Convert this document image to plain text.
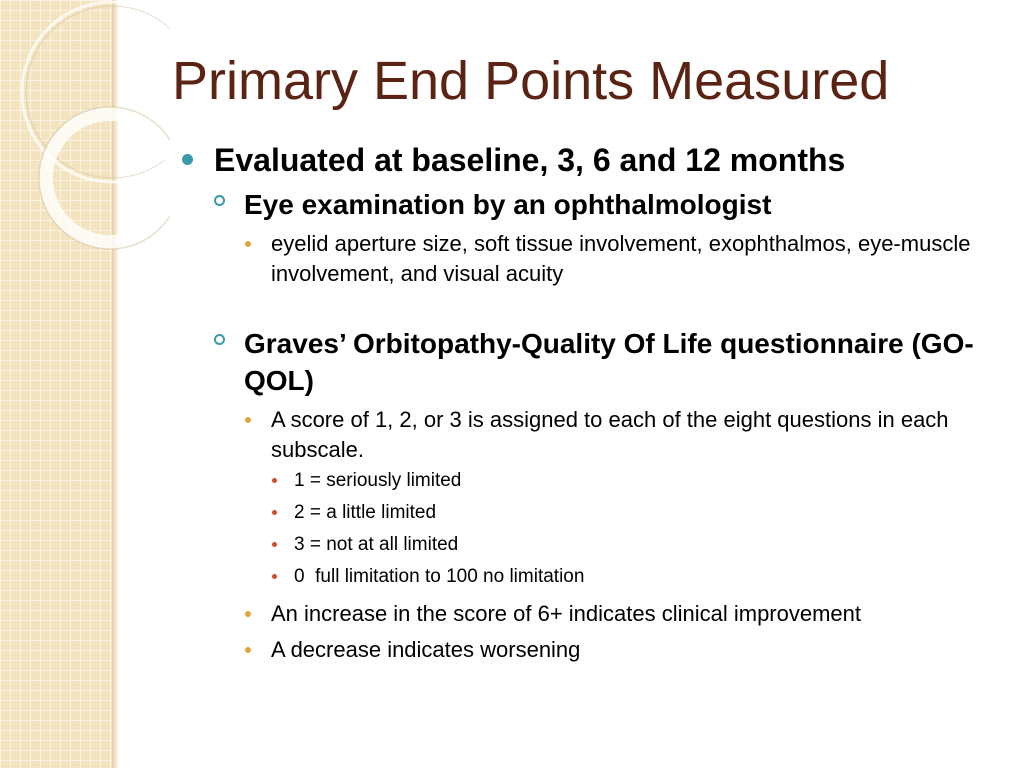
Primary End Points Measured
Evaluated at baseline, 3, 6 and 12 months
Eye examination by an ophthalmologist
eyelid aperture size, soft tissue involvement, exophthalmos, eye-muscle involvement, and visual acuity
Graves’ Orbitopathy-Quality Of Life questionnaire (GO-QOL)
A score of 1, 2, or 3 is assigned to each of the eight questions in each subscale.
1 = seriously limited
2 = a little limited
3 = not at all limited
0  full limitation to 100 no limitation
An increase in the score of 6+ indicates clinical improvement
A decrease indicates worsening
